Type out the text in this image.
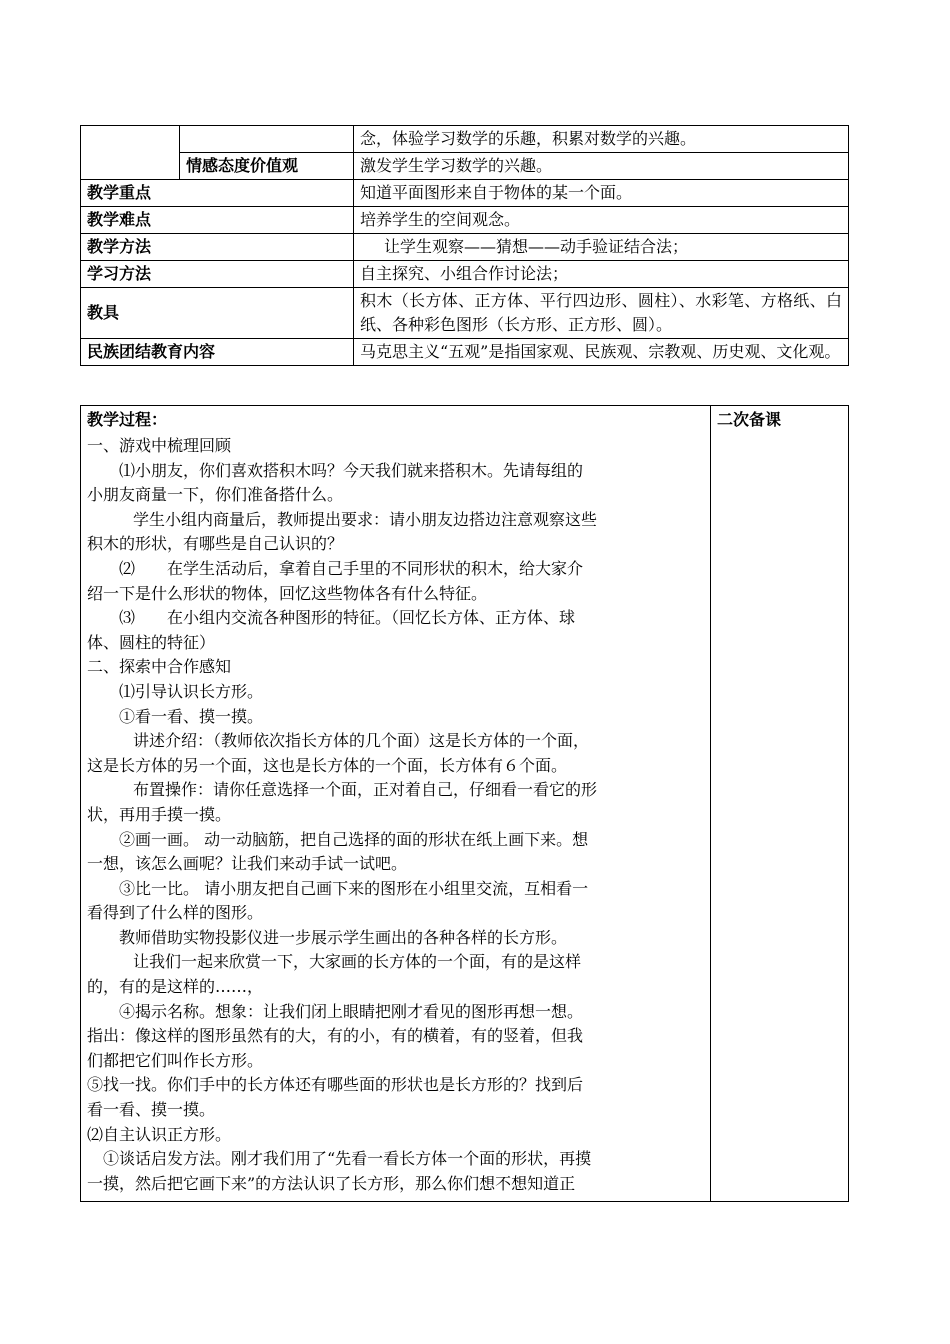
		念，体验学习数学的乐趣，积累对数学的兴趣。
	情感态度价值观	激发学生学习数学的兴趣。
教学重点		知道平面图形来自于物体的某一个面。
教学难点		培养学生的空间观念。
教学方法		让学生观察——猜想——动手验证结合法；
学习方法		自主探究、小组合作讨论法；
教具		积木（长方体、正方体、平行四边形、圆柱）、水彩笔、方格纸、白纸、各种彩色图形（长方形、正方形、圆）。
民族团结教育内容		马克思主义“五观”是指国家观、民族观、宗教观、历史观、文化观。
教学过程：
一、游戏中梳理回顾
⑴小朋友，你们喜欢搭积木吗？今天我们就来搭积木。先请每组的
小朋友商量一下，你们准备搭什么。
学生小组内商量后，教师提出要求：请小朋友边搭边注意观察这些
积木的形状，有哪些是自己认识的？
⑵　　在学生活动后，拿着自己手里的不同形状的积木，给大家介
绍一下是什么形状的物体，回忆这些物体各有什么特征。
⑶　　在小组内交流各种图形的特征。（回忆长方体、正方体、球
体、圆柱的特征）
二、探索中合作感知
⑴引导认识长方形。
①看一看、摸一摸。
讲述介绍：（教师依次指长方体的几个面）这是长方体的一个面，
这是长方体的另一个面，这也是长方体的一个面，长方体有６个面。
布置操作：请你任意选择一个面，正对着自己，仔细看一看它的形
状，再用手摸一摸。
②画一画。 动一动脑筋，把自己选择的面的形状在纸上画下来。想
一想，该怎么画呢？让我们来动手试一试吧。
③比一比。 请小朋友把自己画下来的图形在小组里交流，互相看一
看得到了什么样的图形。
教师借助实物投影仪进一步展示学生画出的各种各样的长方形。
让我们一起来欣赏一下，大家画的长方体的一个面，有的是这样
的，有的是这样的……，
④揭示名称。想象：让我们闭上眼睛把刚才看见的图形再想一想。
指出：像这样的图形虽然有的大，有的小，有的横着，有的竖着，但我
们都把它们叫作长方形。
⑤找一找。你们手中的长方体还有哪些面的形状也是长方形的？找到后
看一看、摸一摸。
⑵自主认识正方形。
①谈话启发方法。刚才我们用了“先看一看长方体一个面的形状，再摸
一摸，然后把它画下来”的方法认识了长方形，那么你们想不想知道正

二次备课
